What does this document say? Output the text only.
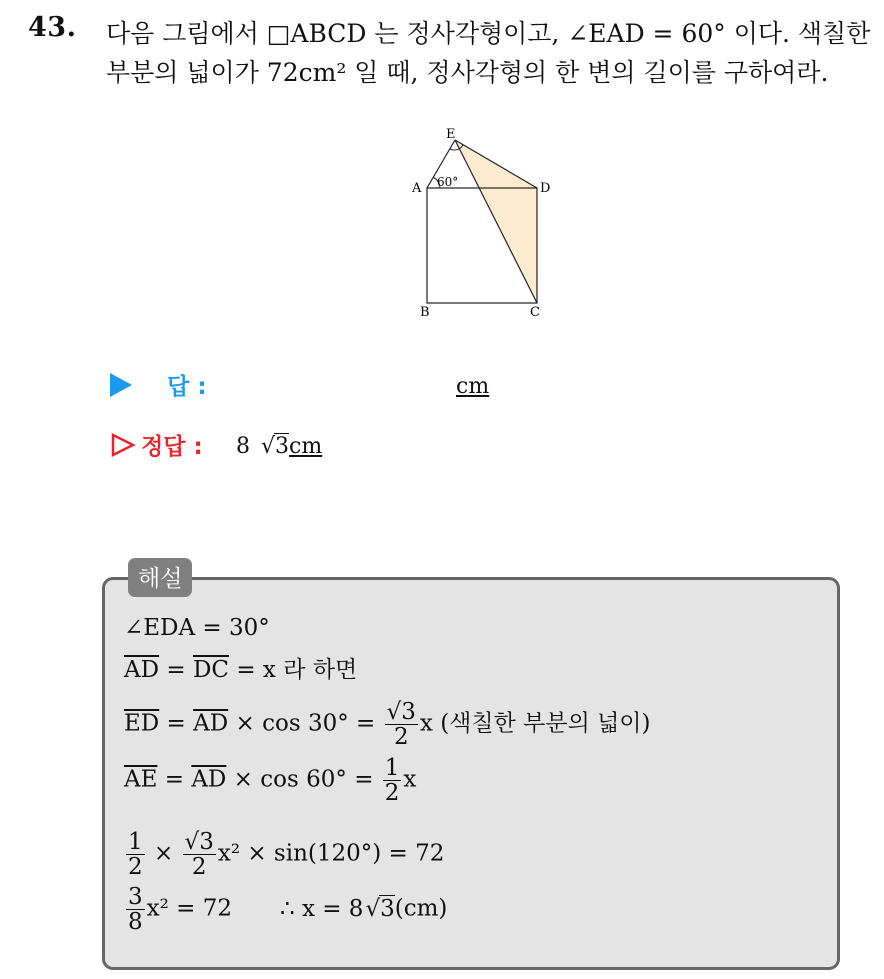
43. 다음 그림에서 □ABCD 는 정사각형이고, ∠EAD = 60° 이다. 색칠한
부분의 넓이가 72cm² 일 때, 정사각형의 한 변의 길이를 구하여라.
E
A	D
B	C
60°
답 :	cm
정답 : 8 √3cm
해설
∠EDA = 30°
$\overline{AD} = \overline{DC} = x$ 라 하면
$\overline{ED} = \overline{AD} \times \cos 30^\circ = \frac{√3}{2}$ x (색칠한 부분의 넓이)
$\overline{AE} = \overline{AD} \times \cos 60^\circ = \frac{1}{2}$ x
$\frac{1}{2} \times \frac{√3}{2} x^2 \times \sin(120^\circ) = 72$
$\frac{3}{8} x^2 = 72$ ∴ x = 8√3(cm)
